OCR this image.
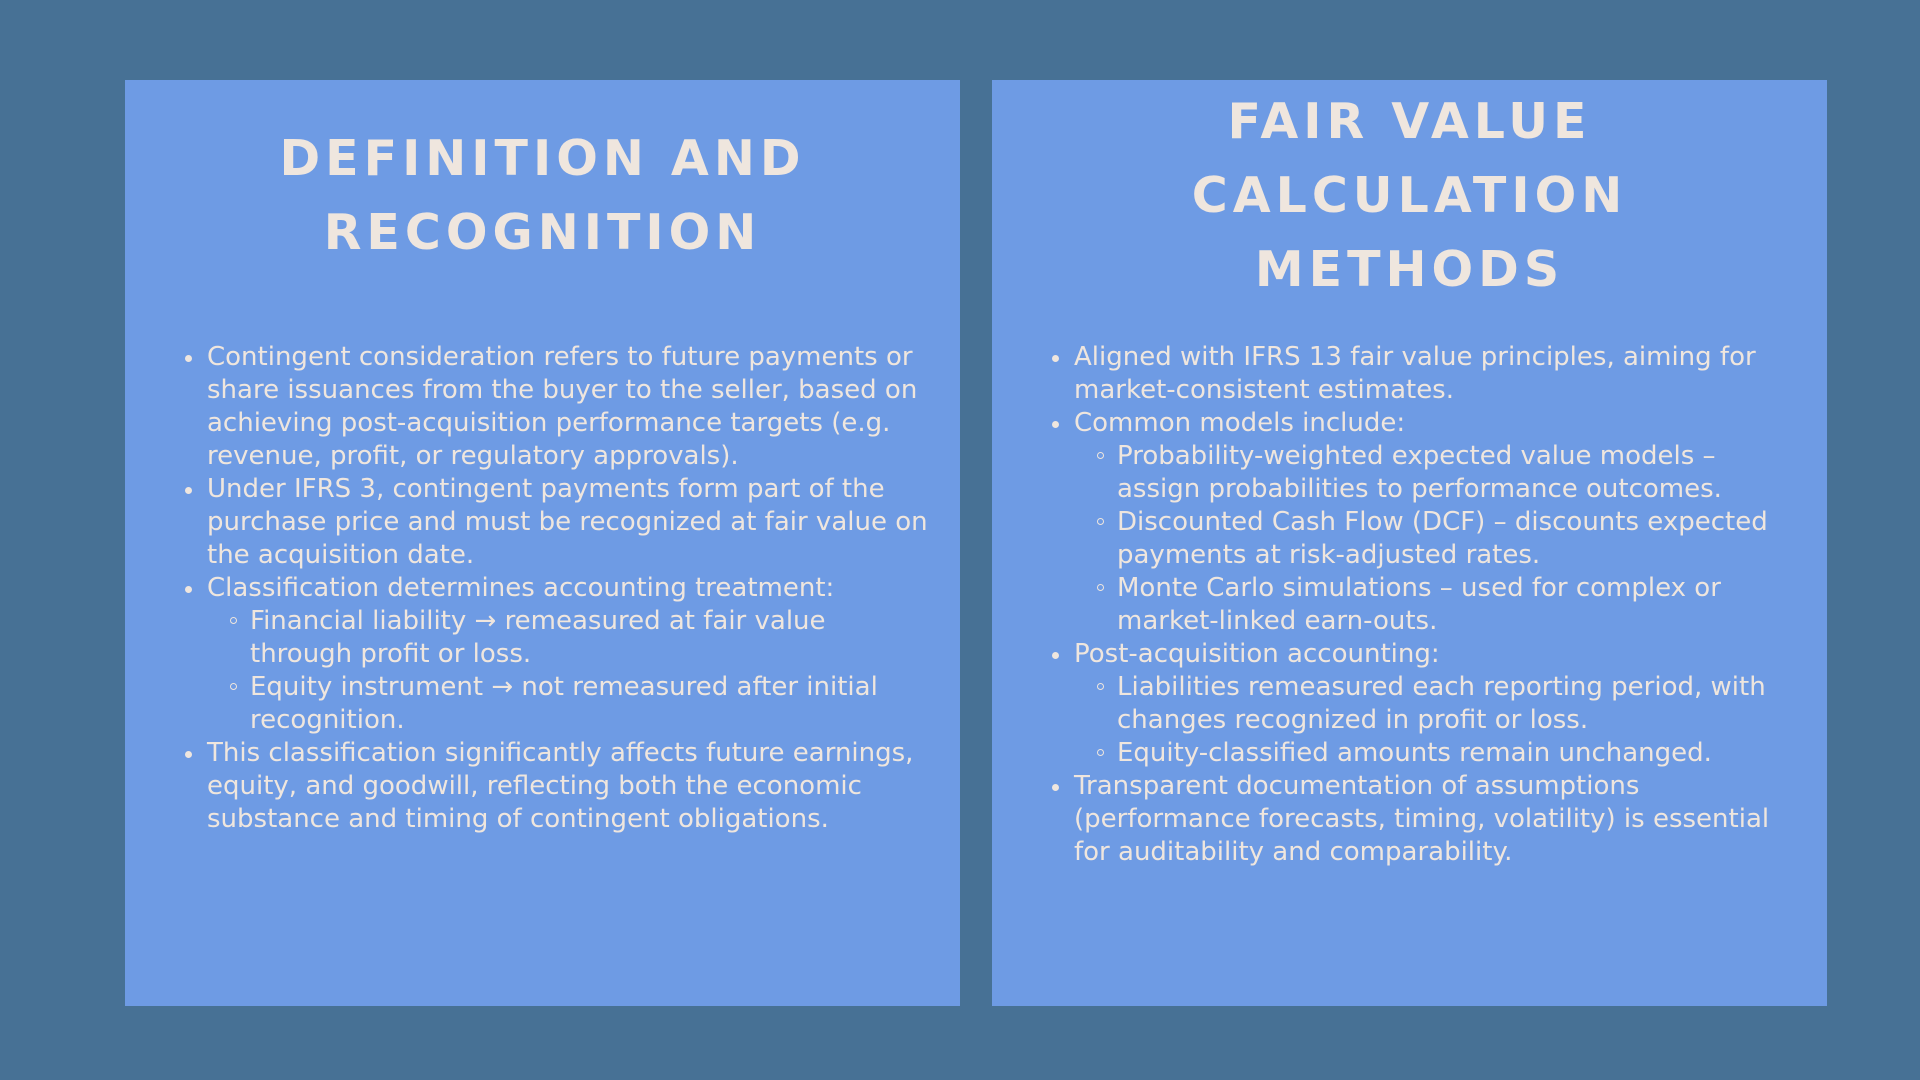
DEFINITION AND RECOGNITION
Contingent consideration refers to future payments or share issuances from the buyer to the seller, based on achieving post-acquisition performance targets (e.g. revenue, profit, or regulatory approvals).
Under IFRS 3, contingent payments form part of the purchase price and must be recognized at fair value on the acquisition date.
Classification determines accounting treatment:
Financial liability → remeasured at fair value through profit or loss.
Equity instrument → not remeasured after initial recognition.
This classification significantly affects future earnings, equity, and goodwill, reflecting both the economic substance and timing of contingent obligations.
FAIR VALUE CALCULATION METHODS
Aligned with IFRS 13 fair value principles, aiming for market-consistent estimates.
Common models include:
Probability-weighted expected value models – assign probabilities to performance outcomes.
Discounted Cash Flow (DCF) – discounts expected payments at risk-adjusted rates.
Monte Carlo simulations – used for complex or market-linked earn-outs.
Post-acquisition accounting:
Liabilities remeasured each reporting period, with changes recognized in profit or loss.
Equity-classified amounts remain unchanged.
Transparent documentation of assumptions (performance forecasts, timing, volatility) is essential for auditability and comparability.
